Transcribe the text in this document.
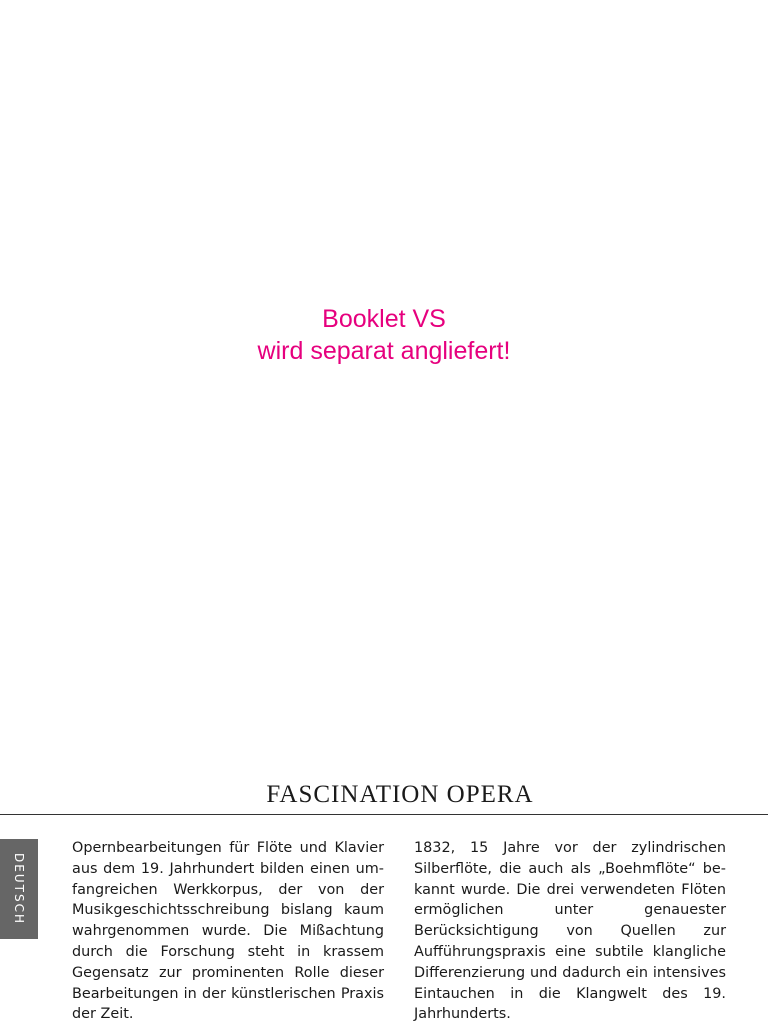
Booklet VS
wird separat angliefert!
FASCINATION OPERA
DEUTSCH
Opernbearbeitungen für Flöte und Klavier aus dem 19. Jahrhundert bilden einen umfangreichen Werkkorpus, der von der Musikgeschichtsschreibung bislang kaum wahrgenommen wurde. Die Mißachtung durch die Forschung steht in krassem Gegensatz zur prominenten Rolle dieser Bearbeitungen in der künstlerischen Praxis der Zeit.
1832, 15 Jahre vor der zylindrischen Silberflöte, die auch als „Boehmflöte“ bekannt wurde. Die drei verwendeten Flöten ermöglichen unter genauester Berücksichtigung von Quellen zur Aufführungspraxis eine subtile klangliche Differenzierung und dadurch ein intensives Eintauchen in die Klangwelt des 19. Jahrhunderts.
